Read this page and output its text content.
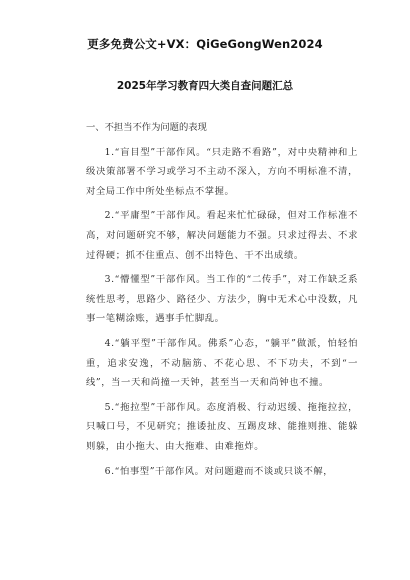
更多免费公文+VX：QiGeGongWen2024
2025年学习教育四大类自查问题汇总
一、不担当不作为问题的表现

1.“盲目型”干部作风。“只走路不看路”，对中央精神和上级决策部署不学习或学习不主动不深入，方向不明标准不清，对全局工作中所处坐标点不掌握。

2.“平庸型”干部作风。看起来忙忙碌碌，但对工作标准不高，对问题研究不够，解决问题能力不强。只求过得去、不求过得硬；抓不住重点、创不出特色、干不出成绩。

3.“懵懂型”干部作风。当工作的“二传手”，对工作缺乏系统性思考，思路少、路径少、方法少，胸中无术心中没数，凡事一笔糊涂账，遇事手忙脚乱。

4.“躺平型”干部作风。佛系”心态，“躺平”做派，怕轻怕重，追求安逸，不动脑筋、不花心思、不下功夫，不到“一线”，当一天和尚撞一天钟，甚至当一天和尚钟也不撞。

5.“拖拉型”干部作风。态度消极、行动迟缓、拖拖拉拉，只喊口号，不见研究；推诿扯皮、互踢皮球、能推则推、能躲则躲，由小拖大、由大拖难、由难拖炸。

6.“怕事型”干部作风。对问题避而不谈或只谈不解，
